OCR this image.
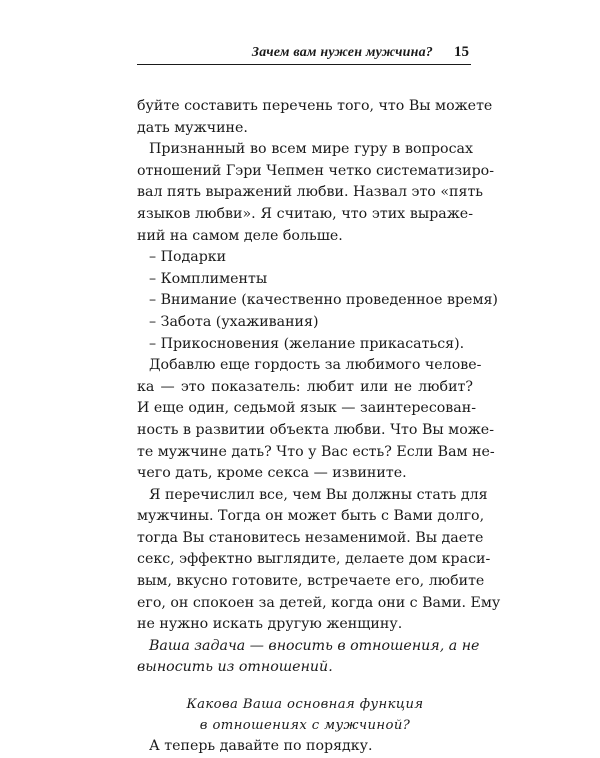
Зачем вам нужен мужчина? 15

буйте составить перечень того, что Вы можете
дать мужчине.

Признанный во всем мире гуру в вопросах
отношений Гэри Чепмен четко систематизиро-
вал пять выражений любви. Назвал это «пять
языков любви». Я считаю, что этих выраже-
ний на самом деле больше.

– Подарки
– Комплименты
– Внимание (качественно проведенное время)
– Забота (ухаживания)
– Прикосновения (желание прикасаться).

Добавлю еще гордость за любимого челове-
ка — это показатель: любит или не любит?
И еще один, седьмой язык — заинтересован-
ность в развитии объекта любви. Что Вы може-
те мужчине дать? Что у Вас есть? Если Вам не-
чего дать, кроме секса — извините.

Я перечислил все, чем Вы должны стать для
мужчины. Тогда он может быть с Вами долго,
тогда Вы становитесь незаменимой. Вы даете
секс, эффектно выглядите, делаете дом краси-
вым, вкусно готовите, встречаете его, любите
его, он спокоен за детей, когда они с Вами. Ему
не нужно искать другую женщину.

Ваша задача — вносить в отношения, а не
выносить из отношений.

Какова Ваша основная функция
в отношениях с мужчиной?

А теперь давайте по порядку.
